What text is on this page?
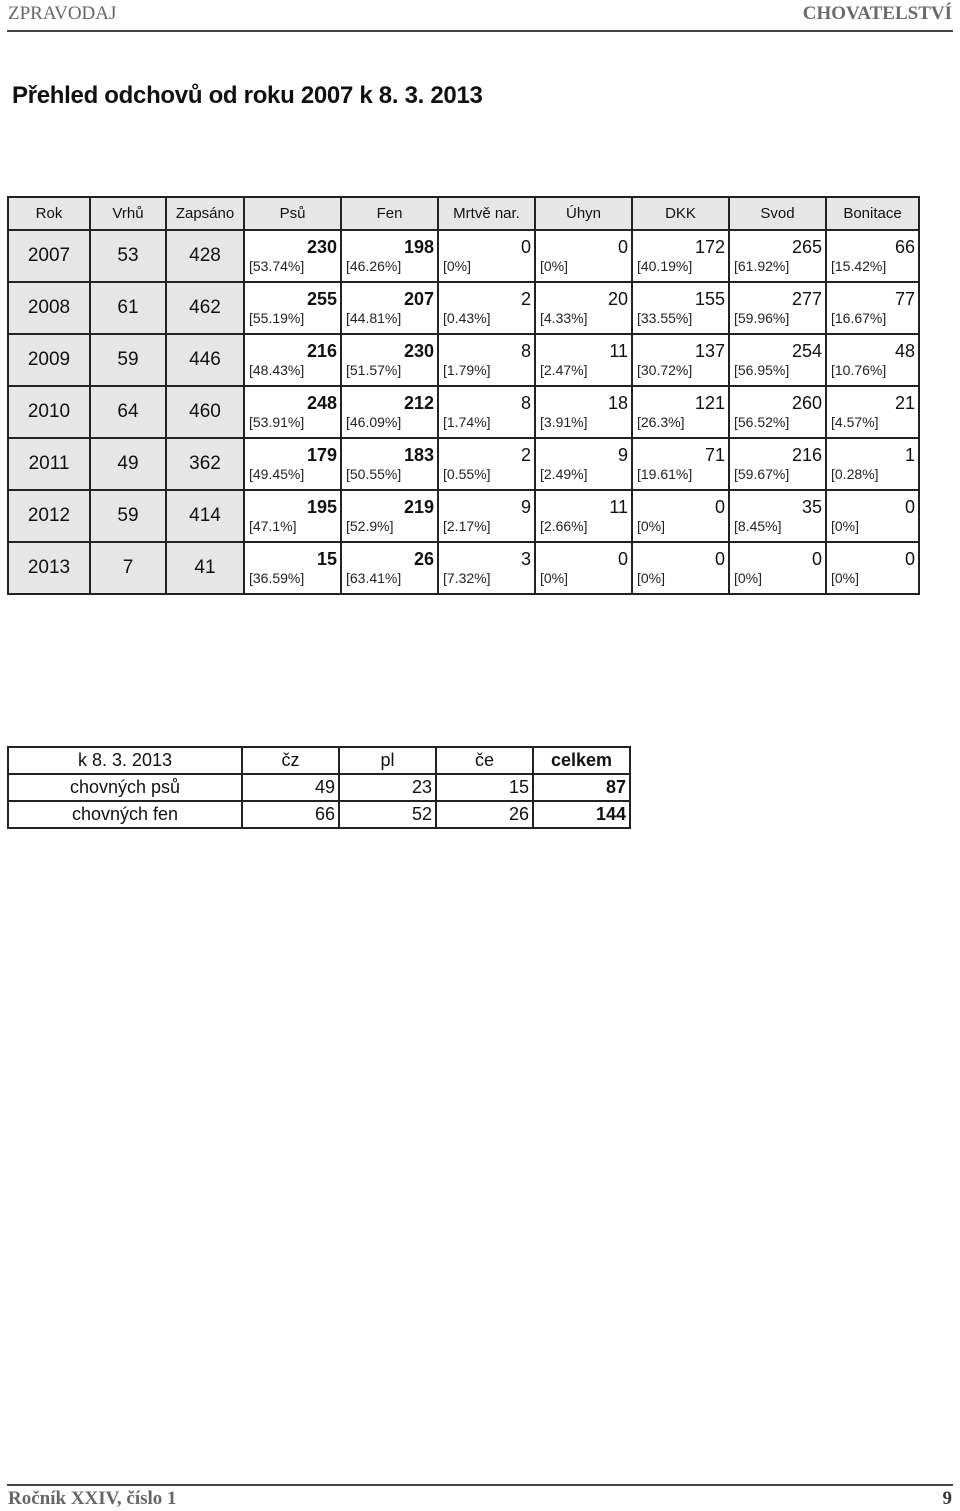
ZPRAVODAJ	CHOVATELSTVÍ
Přehled odchovů od roku 2007 k 8. 3. 2013
Rok	Vrhů	Zapsáno	Psů	Fen	Mrtvě nar.	Úhyn	DKK	Svod	Bonitace
2007	53	428	230	198	0	0	172	265	66
			[53.74%]	[46.26%]	[0%]	[0%]	[40.19%]	[61.92%]	[15.42%]
2008	61	462	255	207	2	20	155	277	77
			[55.19%]	[44.81%]	[0.43%]	[4.33%]	[33.55%]	[59.96%]	[16.67%]
2009	59	446	216	230	8	11	137	254	48
			[48.43%]	[51.57%]	[1.79%]	[2.47%]	[30.72%]	[56.95%]	[10.76%]
2010	64	460	248	212	8	18	121	260	21
			[53.91%]	[46.09%]	[1.74%]	[3.91%]	[26.3%]	[56.52%]	[4.57%]
2011	49	362	179	183	2	9	71	216	1
			[49.45%]	[50.55%]	[0.55%]	[2.49%]	[19.61%]	[59.67%]	[0.28%]
2012	59	414	195	219	9	11	0	35	0
			[47.1%]	[52.9%]	[2.17%]	[2.66%]	[0%]	[8.45%]	[0%]
2013	7	41	15	26	3	0	0	0	0
			[36.59%]	[63.41%]	[7.32%]	[0%]	[0%]	[0%]	[0%]
k 8. 3. 2013	čz	pl	če	celkem
chovných psů	49	23	15	87
chovných fen	66	52	26	144
Ročník XXIV, číslo 1	9
